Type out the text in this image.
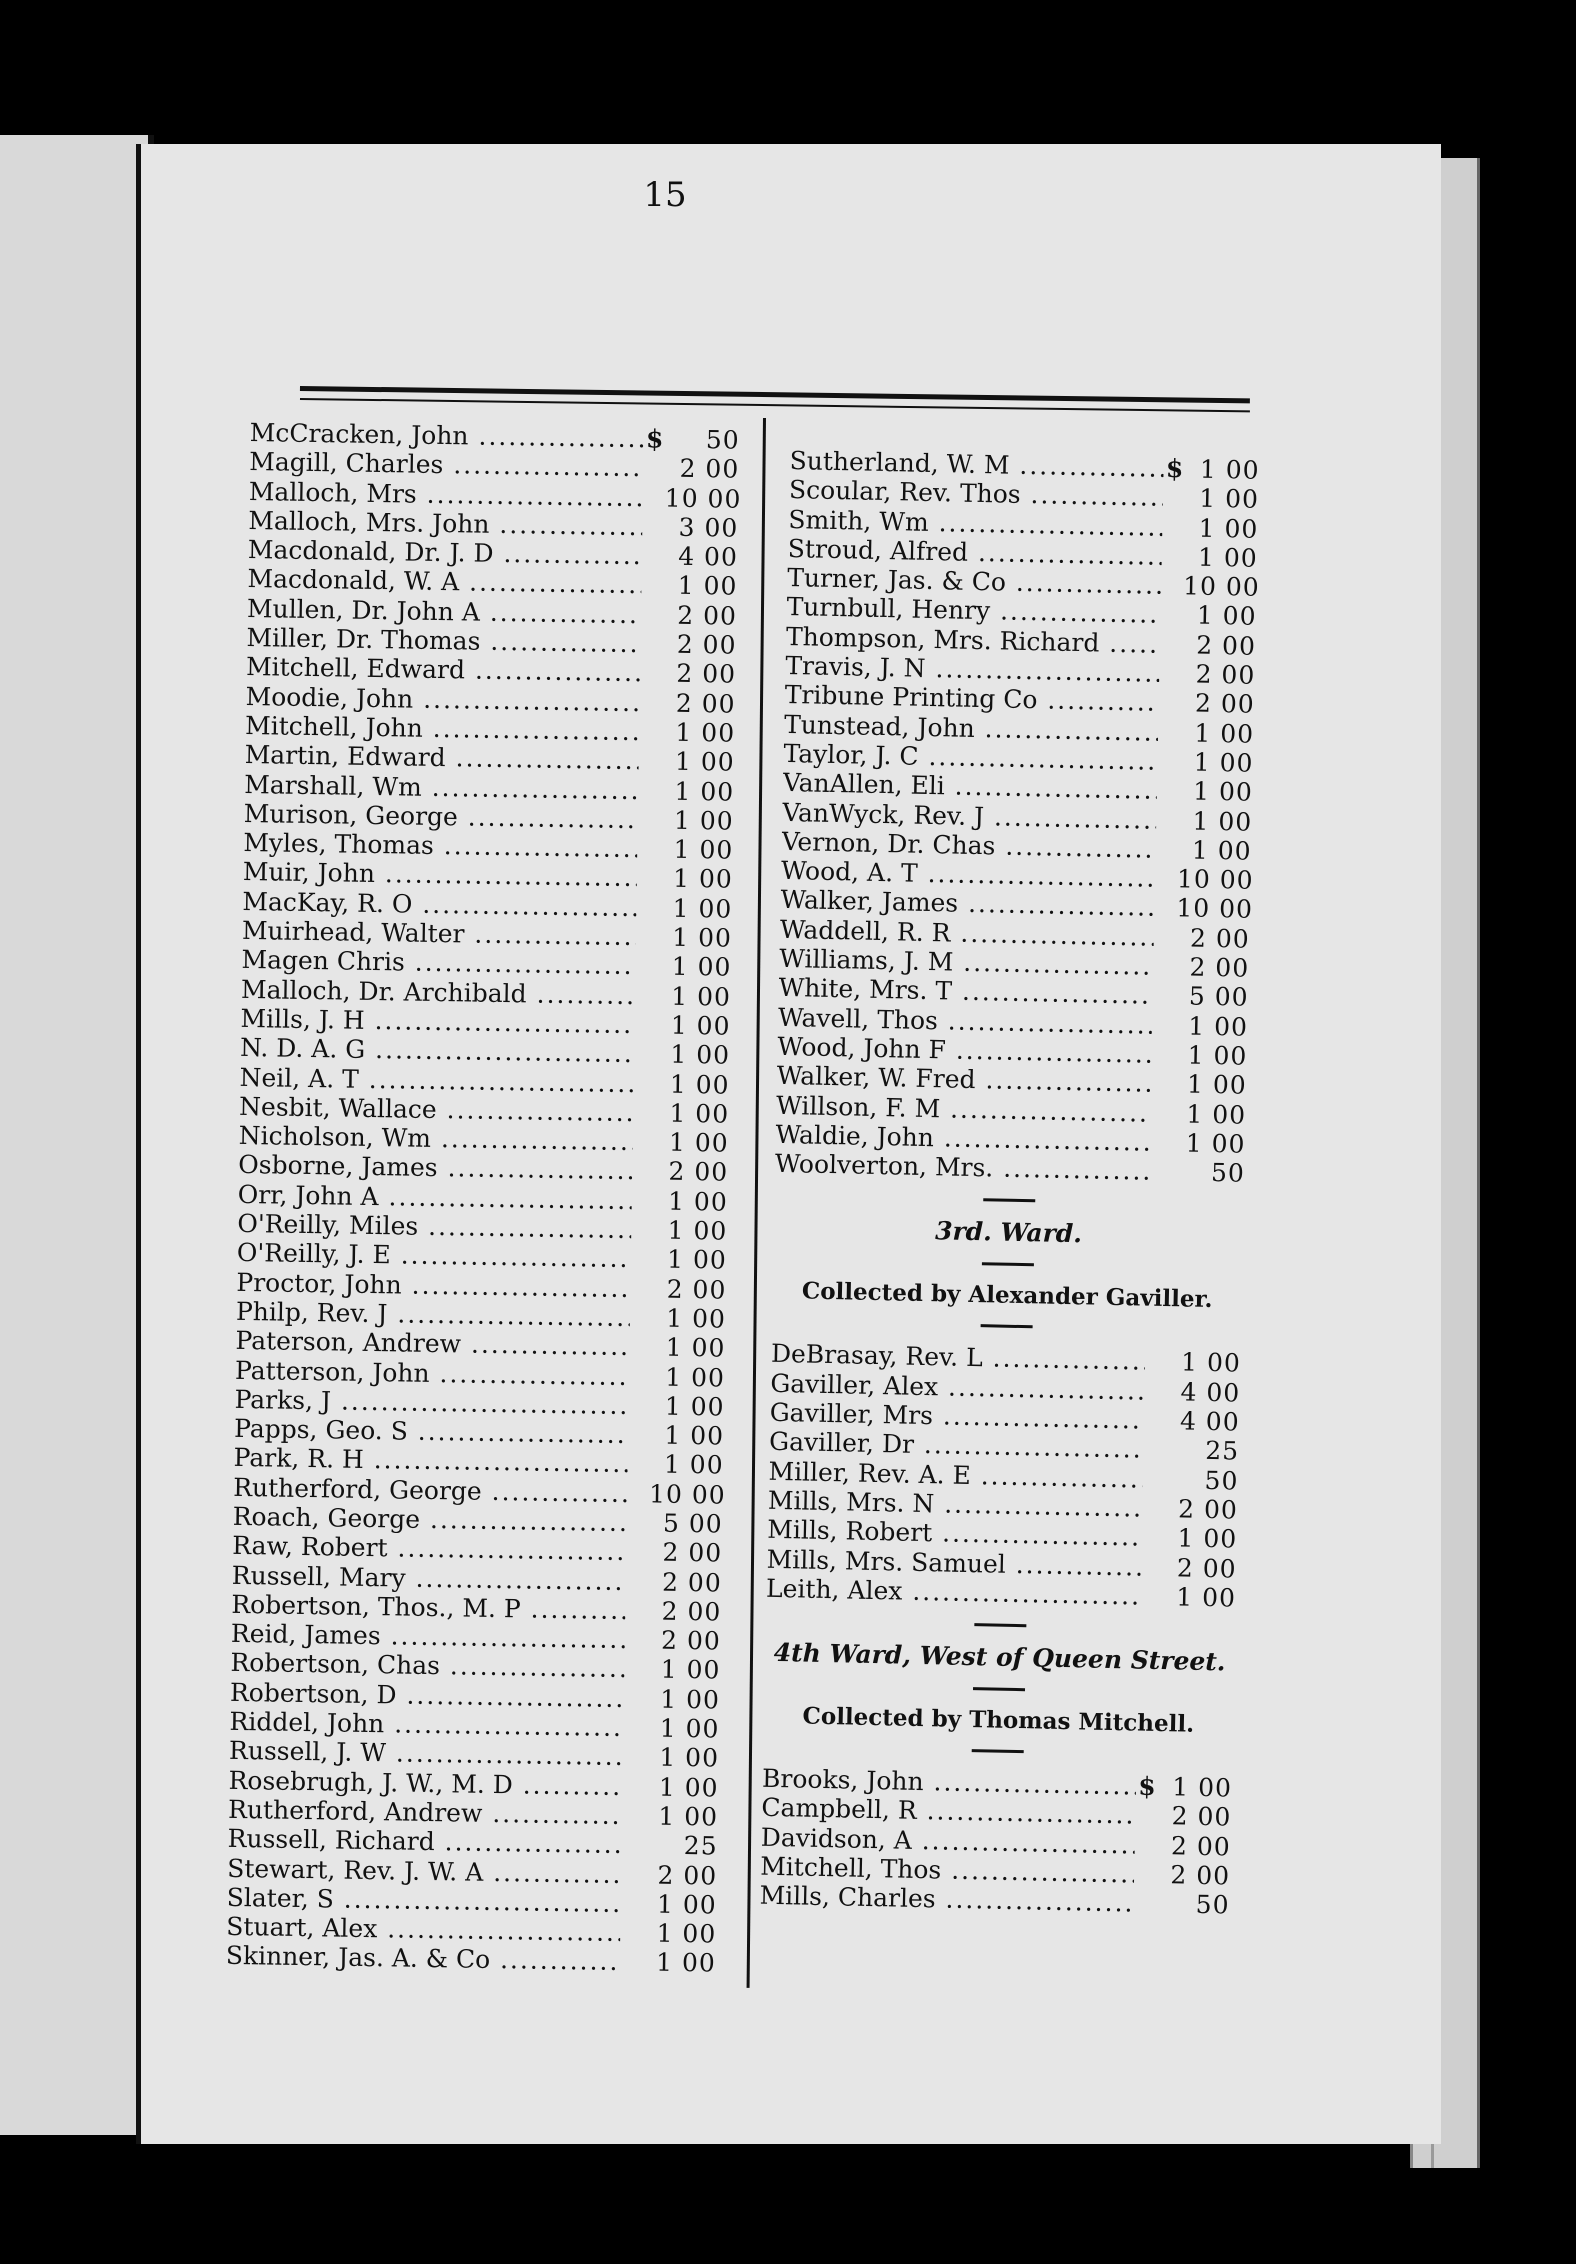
15
McCracken, John .....	$	50
Magill, Charles .....	2 00
Malloch, Mrs .....	10 00
Malloch, Mrs. John .....	3 00
Macdonald, Dr. J. D .....	4 00
Macdonald, W. A .....	1 00
Mullen, Dr. John A .....	2 00
Miller, Dr. Thomas .....	2 00
Mitchell, Edward .....	2 00
Moodie, John .....	2 00
Mitchell, John .....	1 00
Martin, Edward .....	1 00
Marshall, Wm .....	1 00
Murison, George .....	1 00
Myles, Thomas .....	1 00
Muir, John .....	1 00
MacKay, R. O .....	1 00
Muirhead, Walter .....	1 00
Magen Chris .....	1 00
Malloch, Dr. Archibald .....	1 00
Mills, J. H .....	1 00
N. D. A. G .....	1 00
Neil, A. T .....	1 00
Nesbit, Wallace .....	1 00
Nicholson, Wm .....	1 00
Osborne, James .....	2 00
Orr, John A .....	1 00
O'Reilly, Miles .....	1 00
O'Reilly, J. E .....	1 00
Proctor, John .....	2 00
Philp, Rev. J .....	1 00
Paterson, Andrew .....	1 00
Patterson, John .....	1 00
Parks, J .....	1 00
Papps, Geo. S .....	1 00
Park, R. H .....	1 00
Rutherford, George .....	10 00
Roach, George .....	5 00
Raw, Robert .....	2 00
Russell, Mary .....	2 00
Robertson, Thos., M. P .....	2 00
Reid, James .....	2 00
Robertson, Chas .....	1 00
Robertson, D .....	1 00
Riddel, John .....	1 00
Russell, J. W .....	1 00
Rosebrugh, J. W., M. D .....	1 00
Rutherford, Andrew .....	1 00
Russell, Richard .....	25
Stewart, Rev. J. W. A .....	2 00
Slater, S .....	1 00
Stuart, Alex .....	1 00
Skinner, Jas. A. & Co .....	1 00
Sutherland, W. M .....	$ 1 00
Scoular, Rev. Thos .....	1 00
Smith, Wm .....	1 00
Stroud, Alfred .....	1 00
Turner, Jas. & Co .....	10 00
Turnbull, Henry .....	1 00
Thompson, Mrs. Richard .....	2 00
Travis, J. N .....	2 00
Tribune Printing Co .....	2 00
Tunstead, John .....	1 00
Taylor, J. C .....	1 00
VanAllen, Eli .....	1 00
VanWyck, Rev. J .....	1 00
Vernon, Dr. Chas .....	1 00
Wood, A. T .....	10 00
Walker, James .....	10 00
Waddell, R. R .....	2 00
Williams, J. M .....	2 00
White, Mrs. T .....	5 00
Wavell, Thos .....	1 00
Wood, John F .....	1 00
Walker, W. Fred .....	1 00
Willson, F. M .....	1 00
Waldie, John .....	1 00
Woolverton, Mrs. .....	50
3rd. Ward.
Collected by Alexander Gaviller.
DeBrasay, Rev. L .....	1 00
Gaviller, Alex .....	4 00
Gaviller, Mrs .....	4 00
Gaviller, Dr .....	25
Miller, Rev. A. E .....	50
Mills, Mrs. N .....	2 00
Mills, Robert .....	1 00
Mills, Mrs. Samuel .....	2 00
Leith, Alex .....	1 00
4th Ward, West of Queen Street.
Collected by Thomas Mitchell.
Brooks, John .....	$ 1 00
Campbell, R .....	2 00
Davidson, A .....	2 00
Mitchell, Thos .....	2 00
Mills, Charles .....	50
